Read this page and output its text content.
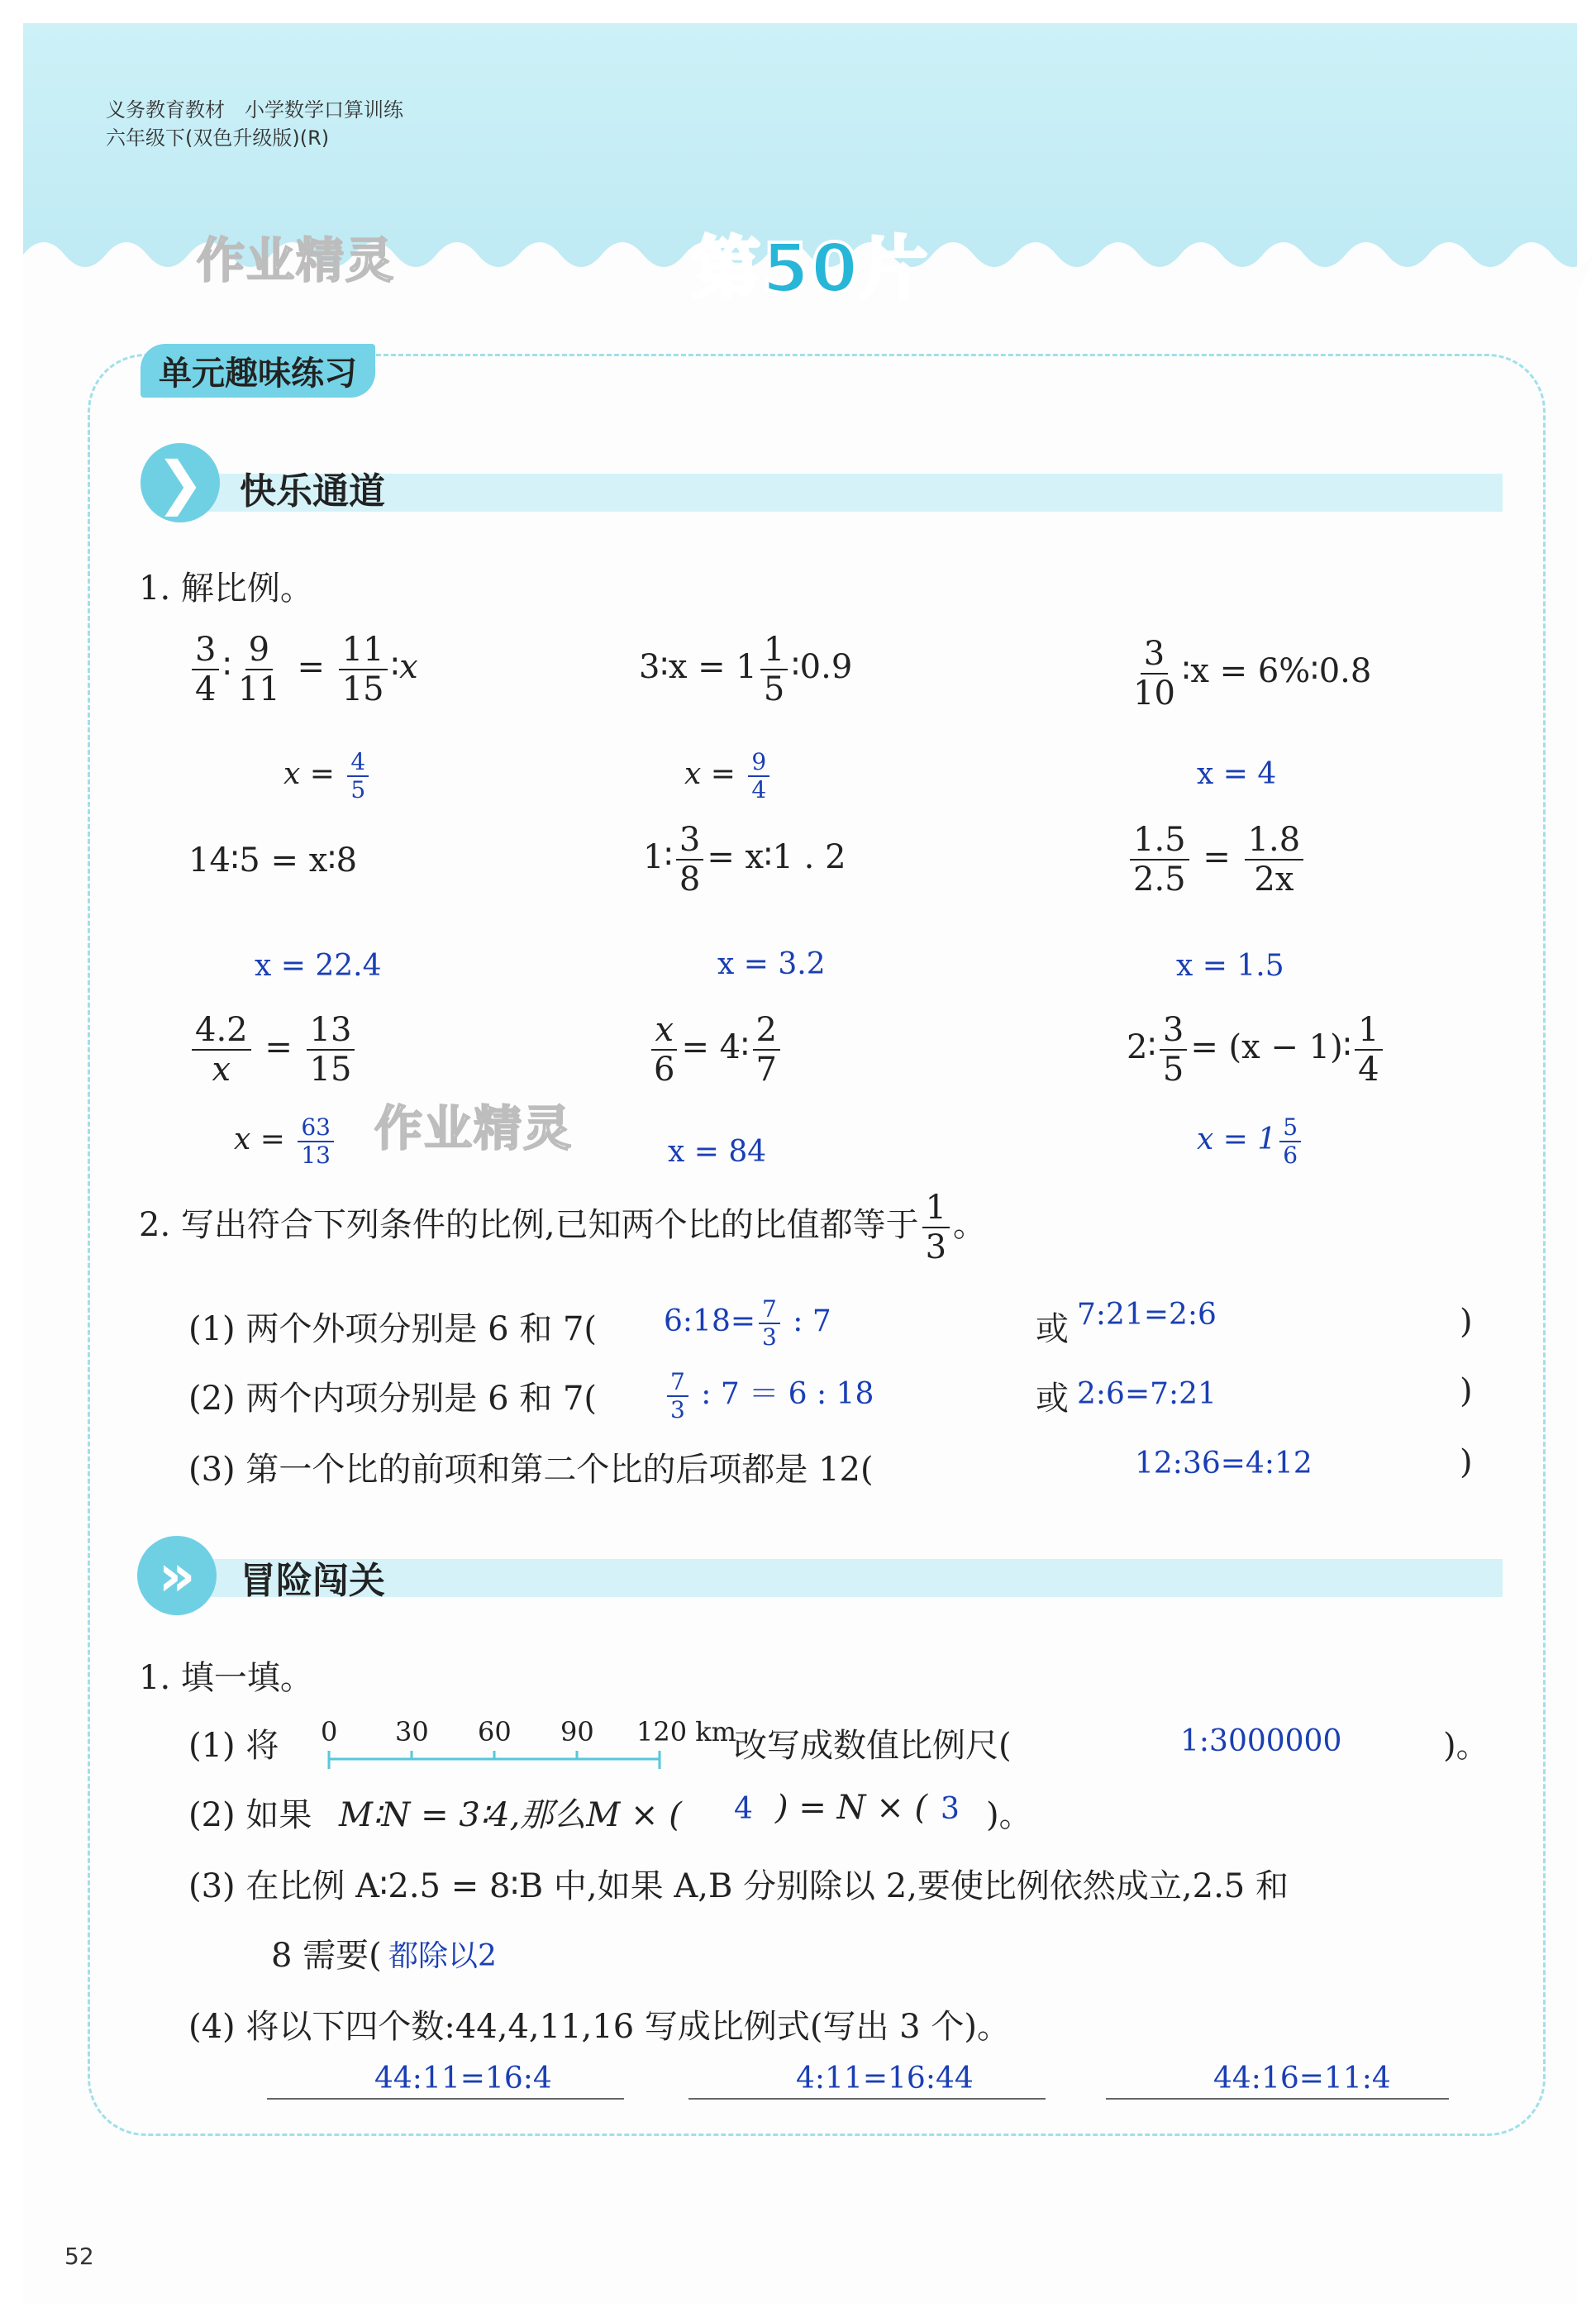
义务教育教材　小学数学口算训练
六年级下(双色升级版)(R)
作业精灵	第50片
单元趣味练习
❯ 快乐通道
1. 解比例。
$\frac{3}{4}$ ∶ $\frac{9}{11} = \frac{11}{15}$ ∶x	3∶x = $1 \frac{1}{5}$ ∶0.9	$\frac{3}{10}$ ∶x = 6%∶0.8
$x = \frac{4}{5}$	$x = \frac{9}{4}$	x = 4
14∶5 = x∶8	1∶ $\frac{3}{8}$ = x∶1 . 2	$\frac{1.5}{2.5} = \frac{1.8}{2x}$
x = 22.4	x = 3.2	x = 1.5
$\frac{4.2}{x} = \frac{13}{15}$	$\frac{x}{6}$ = 4∶ $\frac{2}{7}$	2∶ $\frac{3}{5} = (x$ − 1)∶ $\frac{1}{4}$
作业精灵
$x = \frac{63}{13}$	x = 84	$x = 1 \frac{5}{6}$
2. 写出符合下列条件的比例,已知两个比的比值都等于 $\frac{1}{3}$ 。
(1) 两个外项分别是 6 和 7( 6:18= $\frac{7}{3}$ : 7	或 7:21=2:6	)
(2) 两个内项分别是 6 和 7(	$\frac{7}{3}$ : 7 ＝ 6 : 18	或 2:6=7:21	)
(3) 第一个比的前项和第二个比的后项都是 12(	12:36=4:12	)
»	冒险闯关
1. 填一填。
(1) 将 0 30 60 90 120 km
改写成数值比例尺(	1:3000000	)。
(2) 如果 M∶N = 3∶4,那么M × ( 4 ) = N × ( 3 )。
(3) 在比例 A∶2.5 = 8∶B 中,如果 A,B 分别除以 2,要使比例依然成立,2.5 和
8 需要( 都除以2
(4) 将以下四个数:44,4,11,16 写成比例式(写出 3 个)。
44:11=16:4	4:11=16:44	44:16=11:4
52
